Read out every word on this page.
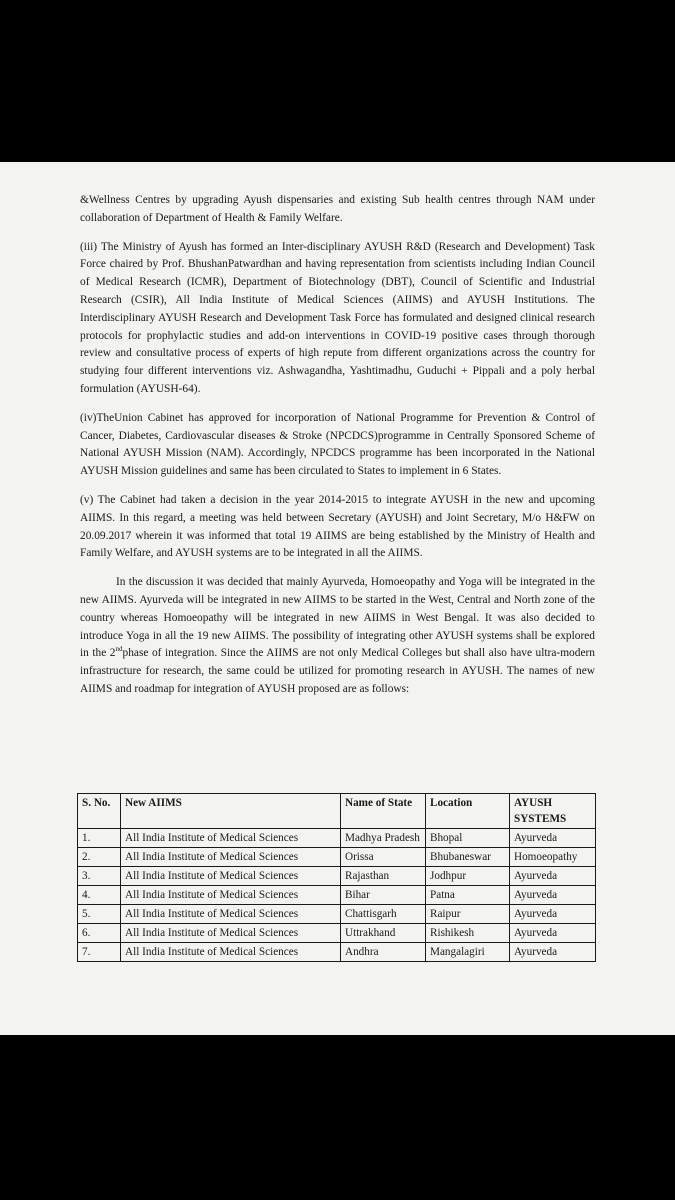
&Wellness Centres by upgrading Ayush dispensaries and existing Sub health centres through NAM under collaboration of Department of Health & Family Welfare.

(iii) The Ministry of Ayush has formed an Inter-disciplinary AYUSH R&D (Research and Development) Task Force chaired by Prof. BhushanPatwardhan and having representation from scientists including Indian Council of Medical Research (ICMR), Department of Biotechnology (DBT), Council of Scientific and Industrial Research (CSIR), All India Institute of Medical Sciences (AIIMS) and AYUSH Institutions. The Interdisciplinary AYUSH Research and Development Task Force has formulated and designed clinical research protocols for prophylactic studies and add-on interventions in COVID-19 positive cases through thorough review and consultative process of experts of high repute from different organizations across the country for studying four different interventions viz. Ashwagandha, Yashtimadhu, Guduchi + Pippali and a poly herbal formulation (AYUSH-64).

(iv)TheUnion Cabinet has approved for incorporation of National Programme for Prevention & Control of Cancer, Diabetes, Cardiovascular diseases & Stroke (NPCDCS)programme in Centrally Sponsored Scheme of National AYUSH Mission (NAM). Accordingly, NPCDCS programme has been incorporated in the National AYUSH Mission guidelines and same has been circulated to States to implement in 6 States.

(v) The Cabinet had taken a decision in the year 2014-2015 to integrate AYUSH in the new and upcoming AIIMS. In this regard, a meeting was held between Secretary (AYUSH) and Joint Secretary, M/o H&FW on 20.09.2017 wherein it was informed that total 19 AIIMS are being established by the Ministry of Health and Family Welfare, and AYUSH systems are to be integrated in all the AIIMS.

In the discussion it was decided that mainly Ayurveda, Homoeopathy and Yoga will be integrated in the new AIIMS. Ayurveda will be integrated in new AIIMS to be started in the West, Central and North zone of the country whereas Homoeopathy will be integrated in new AIIMS in West Bengal. It was also decided to introduce Yoga in all the 19 new AIIMS. The possibility of integrating other AYUSH systems shall be explored in the 2ndphase of integration. Since the AIIMS are not only Medical Colleges but shall also have ultra-modern infrastructure for research, the same could be utilized for promoting research in AYUSH. The names of new AIIMS and roadmap for integration of AYUSH proposed are as follows:

S. No.	New AIIMS	Name of State	Location	AYUSH SYSTEMS
1.	All India Institute of Medical Sciences	Madhya Pradesh	Bhopal	Ayurveda
2.	All India Institute of Medical Sciences	Orissa	Bhubaneswar	Homoeopathy
3.	All India Institute of Medical Sciences	Rajasthan	Jodhpur	Ayurveda
4.	All India Institute of Medical Sciences	Bihar	Patna	Ayurveda
5.	All India Institute of Medical Sciences	Chattisgarh	Raipur	Ayurveda
6.	All India Institute of Medical Sciences	Uttrakhand	Rishikesh	Ayurveda
7.	All India Institute of Medical Sciences	Andhra	Mangalagiri	Ayurveda
